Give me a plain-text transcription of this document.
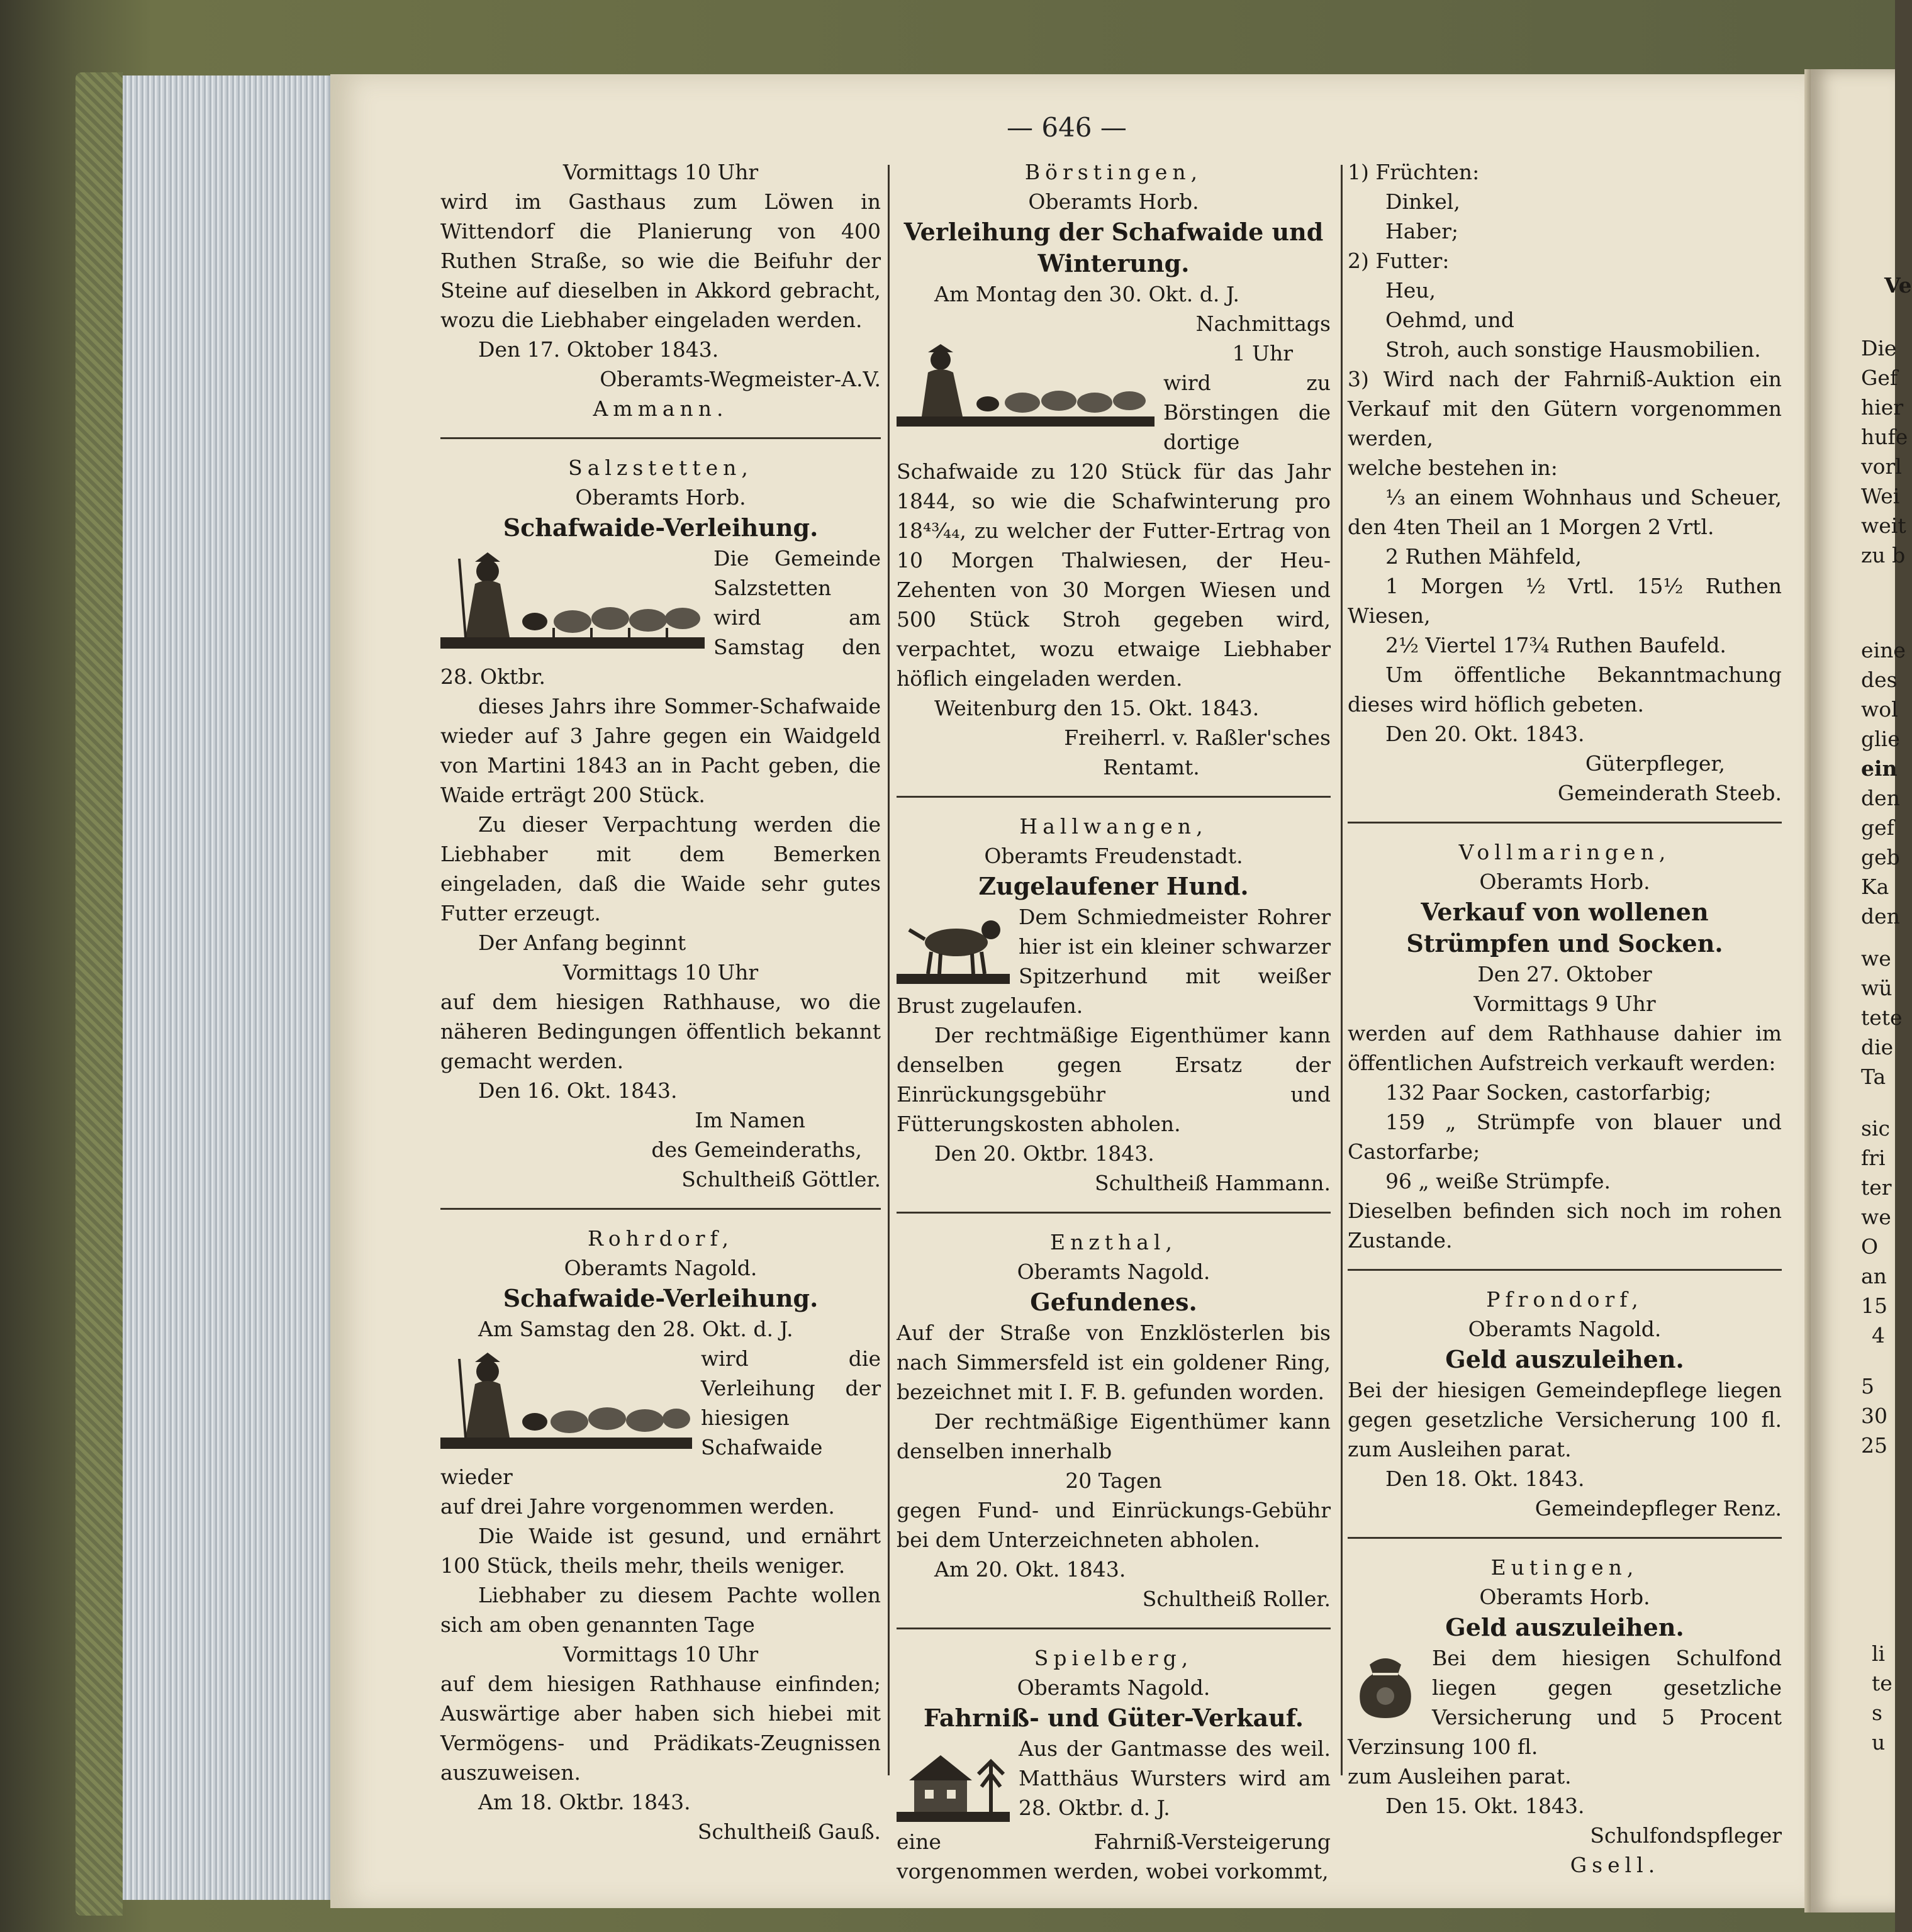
— 646 —

Vormittags 10 Uhr

wird im Gasthaus zum Löwen in Wittendorf die Planierung von 400 Ruthen Straße, so wie die Beifuhr der Steine auf dieselben in Akkord gebracht, wozu die Liebhaber eingeladen werden.

Den 17. Oktober 1843.

Oberamts-Wegmeister-A.V.

Ammann.

Salzstetten,

Oberamts Horb.

Schafwaide-Verleihung.

Die Gemeinde Salzstetten wird am Samstag den 28. Oktbr.

dieses Jahrs ihre Sommer-Schafwaide wieder auf 3 Jahre gegen ein Waidgeld von Martini 1843 an in Pacht geben, die Waide erträgt 200 Stück.

Zu dieser Verpachtung werden die Liebhaber mit dem Bemerken eingeladen, daß die Waide sehr gutes Futter erzeugt.

Der Anfang beginnt

Vormittags 10 Uhr

auf dem hiesigen Rathhause, wo die näheren Bedingungen öffentlich bekannt gemacht werden.

Den 16. Okt. 1843.

Im Namen

des Gemeinderaths,

Schultheiß Göttler.

Rohrdorf,

Oberamts Nagold.

Schafwaide-Verleihung.

Am Samstag den 28. Okt. d. J.

wird die Verleihung der hiesigen Schafwaide wieder

auf drei Jahre vorgenommen werden.

Die Waide ist gesund, und ernährt 100 Stück, theils mehr, theils weniger.

Liebhaber zu diesem Pachte wollen sich am oben genannten Tage

Vormittags 10 Uhr

auf dem hiesigen Rathhause einfinden; Auswärtige aber haben sich hiebei mit Vermögens- und Prädikats-Zeugnissen auszuweisen.

Am 18. Oktbr. 1843.

Schultheiß Gauß.

Börstingen,

Oberamts Horb.

Verleihung der Schafwaide und Winterung.

Am Montag den 30. Okt. d. J.

Nachmittags

1 Uhr

wird zu Börstingen die dortige Schafwaide zu 120 Stück für das Jahr 1844, so wie die Schafwinterung pro 18⁴³⁄₄₄, zu welcher der Futter-Ertrag von 10 Morgen Thalwiesen, der Heu-Zehenten von 30 Morgen Wiesen und 500 Stück Stroh gegeben wird, verpachtet, wozu etwaige Liebhaber höflich eingeladen werden.

Weitenburg den 15. Okt. 1843.

Freiherrl. v. Raßler'sches

Rentamt.

Hallwangen,

Oberamts Freudenstadt.

Zugelaufener Hund.

Dem Schmiedmeister Rohrer hier ist ein kleiner schwarzer Spitzerhund mit weißer Brust zugelaufen.

Der rechtmäßige Eigenthümer kann denselben gegen Ersatz der Einrückungsgebühr und Fütterungskosten abholen.

Den 20. Oktbr. 1843.

Schultheiß Hammann.

Enzthal,

Oberamts Nagold.

Gefundenes.

Auf der Straße von Enzklösterlen bis nach Simmersfeld ist ein goldener Ring, bezeichnet mit I. F. B. gefunden worden.

Der rechtmäßige Eigenthümer kann denselben innerhalb

20 Tagen

gegen Fund- und Einrückungs-Gebühr bei dem Unterzeichneten abholen.

Am 20. Okt. 1843.

Schultheiß Roller.

Spielberg,

Oberamts Nagold.

Fahrniß- und Güter-Verkauf.

Aus der Gantmasse des weil. Matthäus Wursters wird am 28. Oktbr. d. J.

eine Fahrniß-Versteigerung vorgenommen werden, wobei vorkommt,

1) Früchten:

Dinkel,

Haber;

2) Futter:

Heu,

Oehmd, und

Stroh, auch sonstige Hausmobilien.

3) Wird nach der Fahrniß-Auktion ein Verkauf mit den Gütern vorgenommen werden,

welche bestehen in:

⅓ an einem Wohnhaus und Scheuer, den 4ten Theil an 1 Morgen 2 Vrtl.

2 Ruthen Mähfeld,

1 Morgen ½ Vrtl. 15½ Ruthen Wiesen,

2½ Viertel 17¾ Ruthen Baufeld.

Um öffentliche Bekanntmachung dieses wird höflich gebeten.

Den 20. Okt. 1843.

Güterpfleger,

Gemeinderath Steeb.

Vollmaringen,

Oberamts Horb.

Verkauf von wollenen Strümpfen und Socken.

Den 27. Oktober

Vormittags 9 Uhr

werden auf dem Rathhause dahier im öffentlichen Aufstreich verkauft werden:

132 Paar Socken, castorfarbig;

159 „ Strümpfe von blauer und Castorfarbe;

96 „ weiße Strümpfe.

Dieselben befinden sich noch im rohen Zustande.

Pfrondorf,

Oberamts Nagold.

Geld auszuleihen.

Bei der hiesigen Gemeindepflege liegen gegen gesetzliche Versicherung 100 fl. zum Ausleihen parat.

Den 18. Okt. 1843.

Gemeindepfleger Renz.

Eutingen,

Oberamts Horb.

Geld auszuleihen.

Bei dem hiesigen Schulfond liegen gegen gesetzliche Versicherung und 5 Procent Verzinsung 100 fl.

zum Ausleihen parat.

Den 15. Okt. 1843.

Schulfondspfleger

Gsell.

Ve
Die
Gef
hier
hufe
vorl
Wei
weit
zu b
eine
des
wol
glie
ein
den
gef
geb
Ka
den
we
wü
tete
die
Ta
sic
fri
ter
we
O
an
15
4
5
30
25
li
te
s
u
